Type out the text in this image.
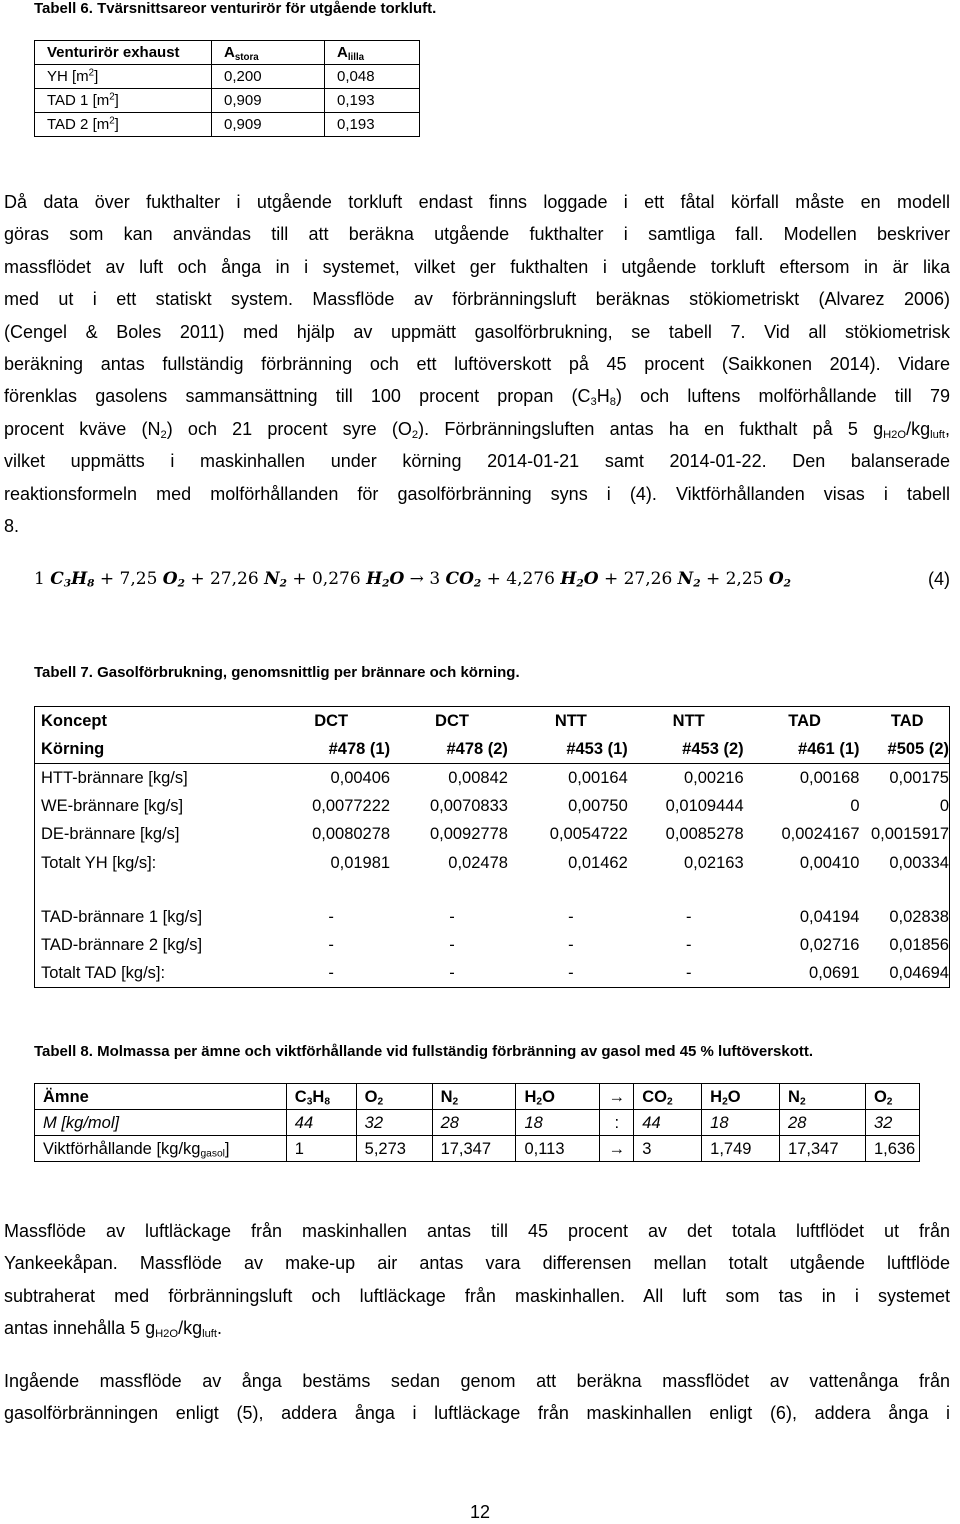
Tabell 6. Tvärsnittsareor venturirör för utgående torkluft.
Venturirör exhaust	$A_{stora}$	$A_{lilla}$
YH $[m^2]$	0,200	0,048
TAD 1 $[m^2]$	0,909	0,193
TAD 2 $[m^2]$	0,909	0,193
Då data över fukthalter i utgående torkluft endast finns loggade i ett fåtal körfall måste en modell
göras som kan användas till att beräkna utgående fukthalter i samtliga fall. Modellen beskriver
massflödet av luft och ånga in i systemet, vilket ger fukthalten i utgående torkluft eftersom in är lika
med ut i ett statiskt system. Massflöde av förbränningsluft beräknas stökiometriskt (Alvarez 2006)
(Cengel & Boles 2011) med hjälp av uppmätt gasolförbrukning, se tabell 7. Vid all stökiometrisk
beräkning antas fullständig förbränning och ett luftöverskott på 45 procent (Saikkonen 2014). Vidare
förenklas gasolens sammansättning till 100 procent propan (C3H8) och luftens molförhållande till 79
procent kväve (N2) och 21 procent syre (O2). Förbränningsluften antas ha en fukthalt på 5 gH2O/kgluft,
vilket uppmätts i maskinhallen under körning 2014-01-21 samt 2014-01-22. Den balanserade
reaktionsformeln med molförhållanden för gasolförbränning syns i (4). Viktförhållanden visas i tabell
8.
1 C3H8 + 7,25 O2 + 27,26 N2 + 0,276 H2O → 3 CO2 + 4,276 H2O + 27,26 N2 + 2,25 O2	(4)
Tabell 7. Gasolförbrukning, genomsnittlig per brännare och körning.
Koncept	DCT	DCT	NTT	NTT	TAD	TAD
Körning	#478 (1)	#478 (2)	#453 (1)	#453 (2)	#461 (1)	#505 (2)
HTT-brännare [kg/s]	0,00406	0,00842	0,00164	0,00216	0,00168	0,00175
WE-brännare [kg/s]	0,0077222	0,0070833	0,00750	0,0109444	0	0
DE-brännare [kg/s]	0,0080278	0,0092778	0,0054722	0,0085278	0,0024167	0,0015917
Totalt YH [kg/s]:	0,01981	0,02478	0,01462	0,02163	0,00410	0,00334

TAD-brännare 1 [kg/s]	-	-	-	-	0,04194	0,02838
TAD-brännare 2 [kg/s]	-	-	-	-	0,02716	0,01856
Totalt TAD [kg/s]:	-	-	-	-	0,0691	0,04694
Tabell 8. Molmassa per ämne och viktförhållande vid fullständig förbränning av gasol med 45 % luftöverskott.
Ämne	C3H8	O2	N2	H2O	→	CO2	H2O	N2	O2
M [kg/mol]	44	32	28	18	:	44	18	28	32
Viktförhållande [kg/kggasol]	1	5,273	17,347	0,113	→	3	1,749	17,347	1,636
Massflöde av luftläckage från maskinhallen antas till 45 procent av det totala luftflödet ut från
Yankeekåpan. Massflöde av make-up air antas vara differensen mellan totalt utgående luftflöde
subtraherat med förbränningsluft och luftläckage från maskinhallen. All luft som tas in i systemet
antas innehålla 5 gH2O/kgluft.
Ingående massflöde av ånga bestäms sedan genom att beräkna massflödet av vattenånga från
gasolförbränningen enligt (5), addera ånga i luftläckage från maskinhallen enligt (6), addera ånga i
12
